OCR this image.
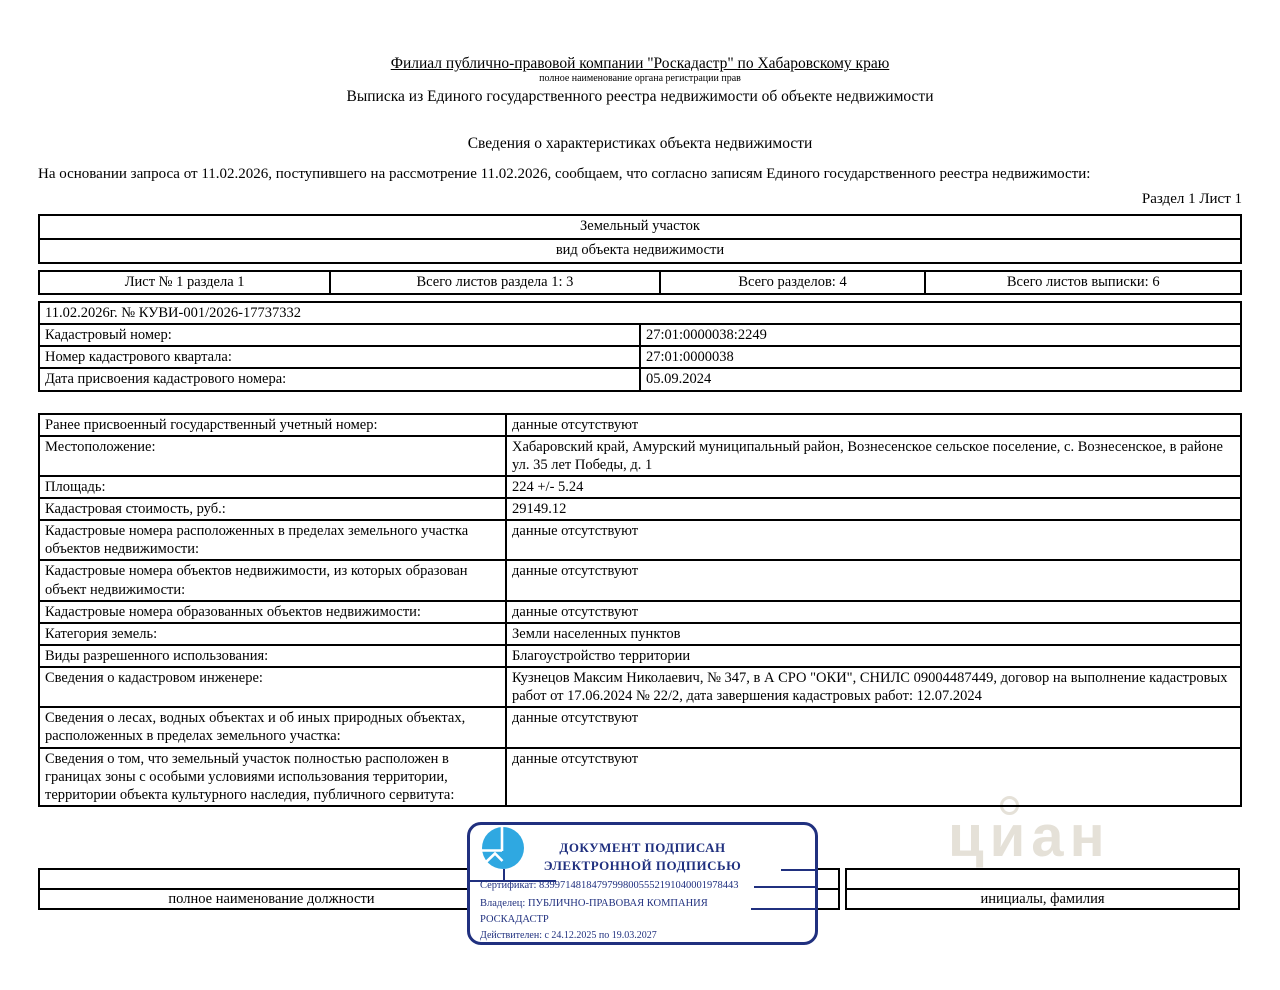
циан
Филиал публично-правовой компании "Роскадастр" по Хабаровскому краю
полное наименование органа регистрации прав
Выписка из Единого государственного реестра недвижимости об объекте недвижимости
Сведения о характеристиках объекта недвижимости
На основании запроса от 11.02.2026, поступившего на рассмотрение 11.02.2026, сообщаем, что согласно записям Единого государственного реестра недвижимости:
Раздел 1 Лист 1
Земельный участок
вид объекта недвижимости
Лист № 1 раздела 1	Всего листов раздела 1: 3	Всего разделов: 4	Всего листов выписки: 6
11.02.2026г. № КУВИ-001/2026-17737332	
Кадастровый номер:	27:01:0000038:2249
Номер кадастрового квартала:	27:01:0000038
Дата присвоения кадастрового номера:	05.09.2024
Ранее присвоенный государственный учетный номер:	данные отсутствуют
Местоположение:	Хабаровский край, Амурский муниципальный район, Вознесенское сельское поселение, с. Вознесенское, в районе ул. 35 лет Победы, д. 1
Площадь:	224 +/- 5.24
Кадастровая стоимость, руб.:	29149.12
Кадастровые номера расположенных в пределах земельного участка объектов недвижимости:	данные отсутствуют
Кадастровые номера объектов недвижимости, из которых образован объект недвижимости:	данные отсутствуют
Кадастровые номера образованных объектов недвижимости:	данные отсутствуют
Категория земель:	Земли населенных пунктов
Виды разрешенного использования:	Благоустройство территории
Сведения о кадастровом инженере:	Кузнецов Максим Николаевич, № 347, в А СРО "ОКИ", СНИЛС 09004487449, договор на выполнение кадастровых работ от 17.06.2024 № 22/2, дата завершения кадастровых работ: 12.07.2024
Сведения о лесах, водных объектах и об иных природных объектах, расположенных в пределах земельного участка:	данные отсутствуют
Сведения о том, что земельный участок полностью расположен в границах зоны с особыми условиями использования территории, территории объекта культурного наследия, публичного сервитута:	данные отсутствуют

полное наименование должности		инициалы, фамилия
ДОКУМЕНТ ПОДПИСАН
ЭЛЕКТРОННОЙ ПОДПИСЬЮ
Сертификат: 83997148184797998005552191040001978443
Владелец: ПУБЛИЧНО-ПРАВОВАЯ КОМПАНИЯ
РОСКАДАСТР
Действителен: с 24.12.2025 по 19.03.2027
